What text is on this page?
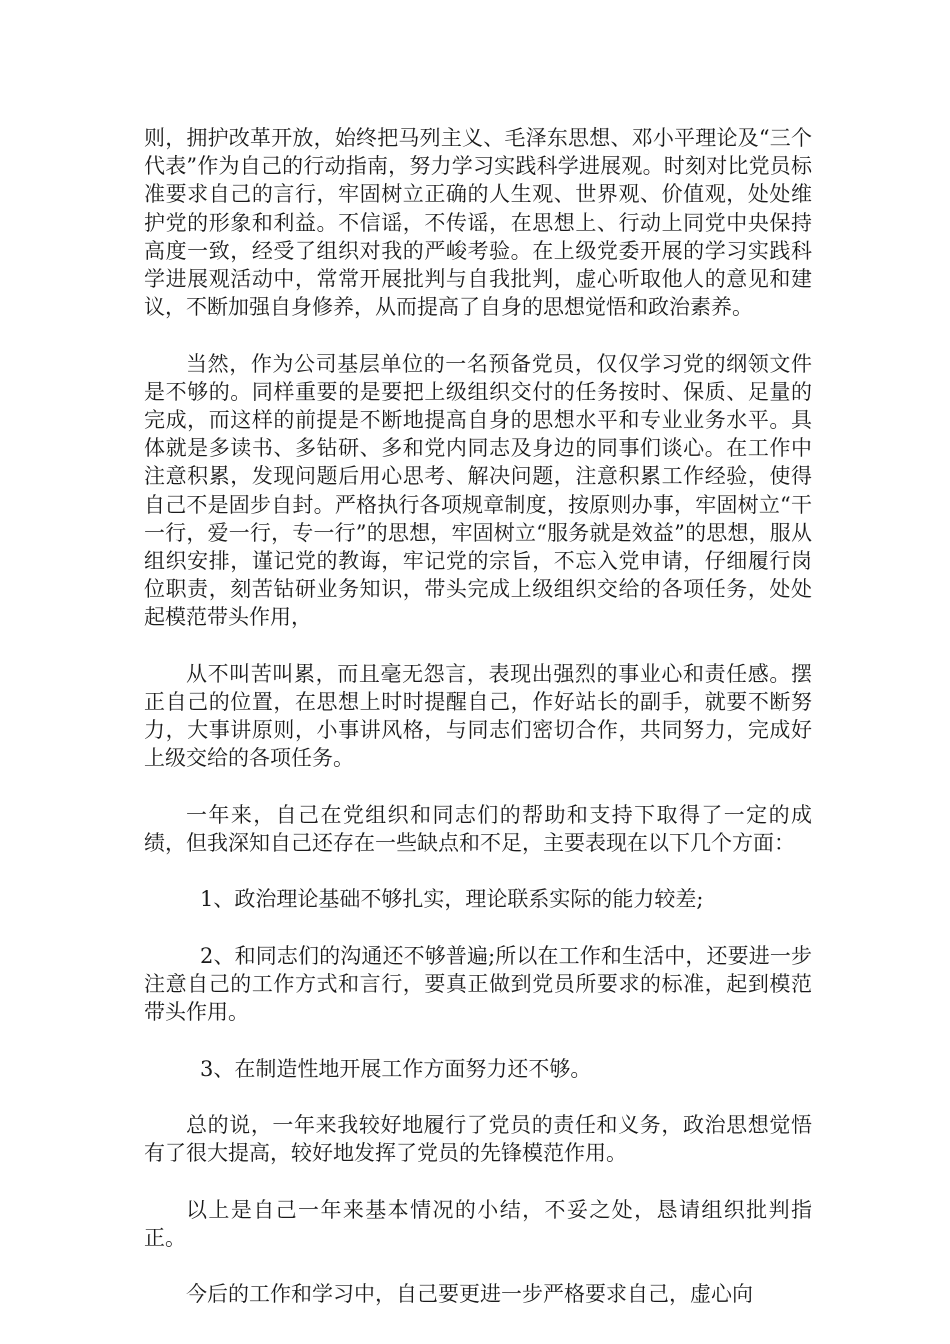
则，拥护改革开放，始终把马列主义、毛泽东思想、邓小平理论及“三个代表”作为自己的行动指南，努力学习实践科学进展观。时刻对比党员标准要求自己的言行，牢固树立正确的人生观、世界观、价值观，处处维护党的形象和利益。不信谣，不传谣，在思想上、行动上同党中央保持高度一致，经受了组织对我的严峻考验。在上级党委开展的学习实践科学进展观活动中，常常开展批判与自我批判，虚心听取他人的意见和建议，不断加强自身修养，从而提高了自身的思想觉悟和政治素养。

当然，作为公司基层单位的一名预备党员，仅仅学习党的纲领文件是不够的。同样重要的是要把上级组织交付的任务按时、保质、足量的完成，而这样的前提是不断地提高自身的思想水平和专业业务水平。具体就是多读书、多钻研、多和党内同志及身边的同事们谈心。在工作中注意积累，发现问题后用心思考、解决问题，注意积累工作经验，使得自己不是固步自封。严格执行各项规章制度，按原则办事，牢固树立“干一行，爱一行，专一行”的思想，牢固树立“服务就是效益”的思想，服从组织安排，谨记党的教诲，牢记党的宗旨，不忘入党申请，仔细履行岗位职责，刻苦钻研业务知识，带头完成上级组织交给的各项任务，处处起模范带头作用，

从不叫苦叫累，而且毫无怨言，表现出强烈的事业心和责任感。摆正自己的位置，在思想上时时提醒自己，作好站长的副手，就要不断努力，大事讲原则，小事讲风格，与同志们密切合作，共同努力，完成好上级交给的各项任务。

一年来，自己在党组织和同志们的帮助和支持下取得了一定的成绩，但我深知自己还存在一些缺点和不足，主要表现在以下几个方面：

1、政治理论基础不够扎实，理论联系实际的能力较差;

2、和同志们的沟通还不够普遍;所以在工作和生活中，还要进一步注意自己的工作方式和言行，要真正做到党员所要求的标准，起到模范带头作用。

3、在制造性地开展工作方面努力还不够。

总的说，一年来我较好地履行了党员的责任和义务，政治思想觉悟有了很大提高，较好地发挥了党员的先锋模范作用。

以上是自己一年来基本情况的小结，不妥之处，恳请组织批判指正。

今后的工作和学习中，自己要更进一步严格要求自己，虚心向
